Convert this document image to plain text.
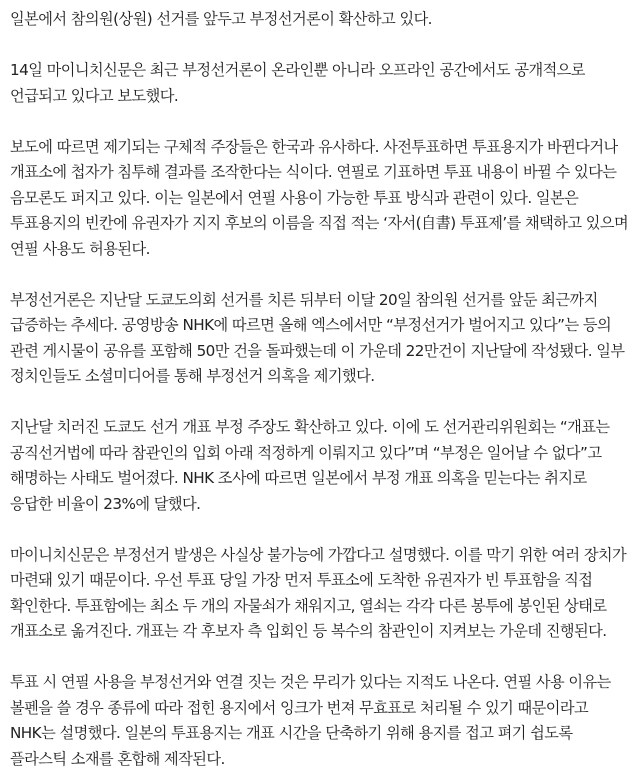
일본에서 참의원(상원) 선거를 앞두고 부정선거론이 확산하고 있다.

14일 마이니치신문은 최근 부정선거론이 온라인뿐 아니라 오프라인 공간에서도 공개적으로 언급되고 있다고 보도했다.

보도에 따르면 제기되는 구체적 주장들은 한국과 유사하다. 사전투표하면 투표용지가 바뀐다거나 개표소에 첩자가 침투해 결과를 조작한다는 식이다. 연필로 기표하면 투표 내용이 바뀔 수 있다는 음모론도 퍼지고 있다. 이는 일본에서 연필 사용이 가능한 투표 방식과 관련이 있다. 일본은 투표용지의 빈칸에 유권자가 지지 후보의 이름을 직접 적는 ‘자서(自書) 투표제’를 채택하고 있으며 연필 사용도 허용된다.

부정선거론은 지난달 도쿄도의회 선거를 치른 뒤부터 이달 20일 참의원 선거를 앞둔 최근까지 급증하는 추세다. 공영방송 NHK에 따르면 올해 엑스에서만 “부정선거가 벌어지고 있다”는 등의 관련 게시물이 공유를 포함해 50만 건을 돌파했는데 이 가운데 22만건이 지난달에 작성됐다. 일부 정치인들도 소셜미디어를 통해 부정선거 의혹을 제기했다.

지난달 치러진 도쿄도 선거 개표 부정 주장도 확산하고 있다. 이에 도 선거관리위원회는 “개표는 공직선거법에 따라 참관인의 입회 아래 적정하게 이뤄지고 있다”며 “부정은 일어날 수 없다”고 해명하는 사태도 벌어졌다. NHK 조사에 따르면 일본에서 부정 개표 의혹을 믿는다는 취지로 응답한 비율이 23%에 달했다.

마이니치신문은 부정선거 발생은 사실상 불가능에 가깝다고 설명했다. 이를 막기 위한 여러 장치가 마련돼 있기 때문이다. 우선 투표 당일 가장 먼저 투표소에 도착한 유권자가 빈 투표함을 직접 확인한다. 투표함에는 최소 두 개의 자물쇠가 채워지고, 열쇠는 각각 다른 봉투에 봉인된 상태로 개표소로 옮겨진다. 개표는 각 후보자 측 입회인 등 복수의 참관인이 지켜보는 가운데 진행된다.

투표 시 연필 사용을 부정선거와 연결 짓는 것은 무리가 있다는 지적도 나온다. 연필 사용 이유는 볼펜을 쓸 경우 종류에 따라 접힌 용지에서 잉크가 번져 무효표로 처리될 수 있기 때문이라고 NHK는 설명했다. 일본의 투표용지는 개표 시간을 단축하기 위해 용지를 접고 펴기 쉽도록 플라스틱 소재를 혼합해 제작된다.
